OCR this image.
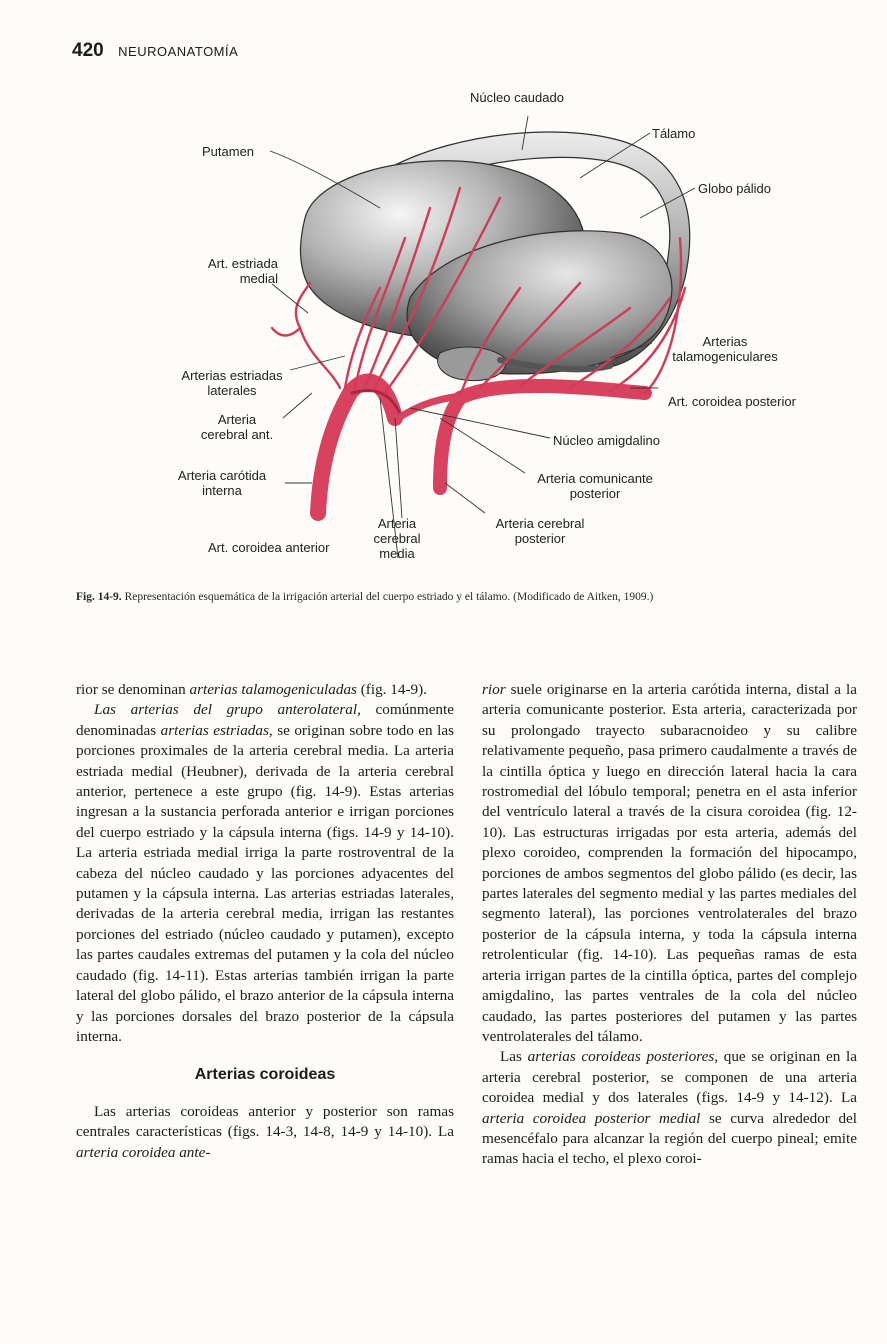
420 NEUROANATOMÍA
Núcleo caudado
Tálamo
Putamen
Globo pálido
Art. estriada
medial
Arterias
talamogeniculares
Arterias estriadas
laterales
Art. coroidea posterior
Arteria
cerebral ant.	Núcleo amigdalino
Arteria carótida
interna
Arteria comunicante
posterior
Arteria
cerebral
media
Arteria cerebral
posterior
Art. coroidea anterior
Fig. 14-9. Representación esquemática de la irrigación arterial del cuerpo estriado y el tálamo. (Modificado de Aitken, 1909.)

rior se denominan arterias talamogeniculadas (fig. 14-9).

Las arterias del grupo anterolateral, comúnmente denominadas arterias estriadas, se originan sobre todo en las porciones proximales de la arteria cerebral media. La arteria estriada medial (Heubner), derivada de la arteria cerebral anterior, pertenece a este grupo (fig. 14-9). Estas arterias ingresan a la sustancia perforada anterior e irrigan porciones del cuerpo estriado y la cápsula interna (figs. 14-9 y 14-10). La arteria estriada medial irriga la parte rostroventral de la cabeza del núcleo caudado y las porciones adyacentes del putamen y la cápsula interna. Las arterias estriadas laterales, derivadas de la arteria cerebral media, irrigan las restantes porciones del estriado (núcleo caudado y putamen), excepto las partes caudales extremas del putamen y la cola del núcleo caudado (fig. 14-11). Estas arterias también irrigan la parte lateral del globo pálido, el brazo anterior de la cápsula interna y las porciones dorsales del brazo posterior de la cápsula interna.

Arterias coroideas

Las arterias coroideas anterior y posterior son ramas centrales características (figs. 14-3, 14-8, 14-9 y 14-10). La arteria coroidea ante-

rior suele originarse en la arteria carótida interna, distal a la arteria comunicante posterior. Esta arteria, caracterizada por su prolongado trayecto subaracnoideo y su calibre relativamente pequeño, pasa primero caudalmente a través de la cintilla óptica y luego en dirección lateral hacia la cara rostromedial del lóbulo temporal; penetra en el asta inferior del ventrículo lateral a través de la cisura coroidea (fig. 12-10). Las estructuras irrigadas por esta arteria, además del plexo coroideo, comprenden la formación del hipocampo, porciones de ambos segmentos del globo pálido (es decir, las partes laterales del segmento medial y las partes mediales del segmento lateral), las porciones ventrolaterales del brazo posterior de la cápsula interna, y toda la cápsula interna retrolenticular (fig. 14-10). Las pequeñas ramas de esta arteria irrigan partes de la cintilla óptica, partes del complejo amigdalino, las partes ventrales de la cola del núcleo caudado, las partes posteriores del putamen y las partes ventrolaterales del tálamo.

Las arterias coroideas posteriores, que se originan en la arteria cerebral posterior, se componen de una arteria coroidea medial y dos laterales (figs. 14-9 y 14-12). La arteria coroidea posterior medial se curva alrededor del mesencéfalo para alcanzar la región del cuerpo pineal; emite ramas hacia el techo, el plexo coroi-
